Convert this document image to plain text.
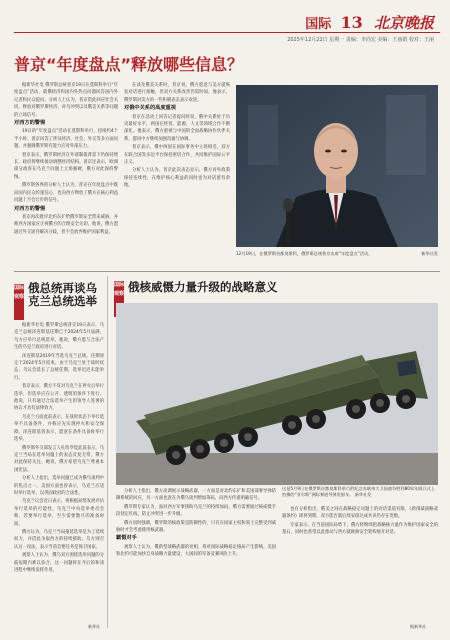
国际 13 北京晚报
2025年12月22日 星期一 责编：李尚宏 美编：王丽娟 校对：王丽
普京“年度盘点”释放哪些信息？

据新华社电 俄罗斯总统普京19日在莫斯科举行“年度盘点”活动，就俄经济和国内外热点问题回答国内外记者和民众提问。分析人士认为，普京借此回应社会关切，释放对俄罗斯经济、对乌冲突以及俄美关系等问题的立场信号。

对西方的警惕

19日的“年度盘点”活动在莫斯科举行，持续约4个半小时。普京回答了涉及经济、社会、外交等多方面问题，并强调俄罗斯有能力应对外部压力。

普京表示，俄罗斯经济在外部制裁背景下仍保持增长，政府将继续推动调整经济结构。普京还表示，欧洲部分政客在乌克兰问题上立场强硬，俄方对此保持警惕。

俄罗斯各界的分析人士认为，普京在年度盘点中既向国内民众传递信心，也向西方释放了俄方在核心利益问题上不会让步的信号。

对西方的警惕

普京再次批评北约东扩给俄罗斯安全带来威胁，并称西方国家应正视俄方的合理安全关切。他说，俄方愿通过外交途径解决分歧，但不会放弃维护国家利益。

在谈及俄美关系时，普京说，俄方愿意与美方就恢复对话进行接触，但双方关系改善仍需时间。他表示，俄罗斯对美方的一些积极表态表示欢迎。

对俄中关系的高度重视

普京在活动上回答记者提问时说，俄中关系处于历史最好水平，两国在经贸、能源、人文等领域合作不断深化。他表示，俄方重视与中国的全面战略协作伙伴关系，愿同中方继续加强沟通与协调。

普京表示，俄中两国在国际事务中立场相近，双方在联合国等多边平台保持密切合作，共同维护国际公平正义。

分析人士认为，普京此次表态显示，俄方对外政策保持连续性，在维护核心利益的同时也为对话留有余地。

12月19日，在俄罗斯首都莫斯科，俄罗斯总统普京出席“年度盘点”活动。	新华社发
国际观察
俄总统再谈乌克兰总统选举

据新华社电 俄罗斯总统普京19日表示，乌克兰总统泽连斯基任期已于2024年5月届满，乌方应举行总统选举。他说，俄方愿与合法产生的乌克兰政府进行对话。

泽连斯基2019年当选乌克兰总统，任期原定于2024年5月结束。由于乌克兰处于战时状态，乌议会延长了总统任期，选举迟迟未能举行。

普京表示，俄方不反对乌克兰在停火后举行选举，但选举应在公开、透明的条件下进行。他说，只有通过合法选举产生的领导人签署的协议才具有法律效力。

乌克兰方面此前表示，在战时状态下举行选举不具备条件，并称应先实现停火和安全保障。泽连斯基曾表示，愿意在条件具备时举行选举。

俄罗斯外交部发言人扎哈罗娃此前表示，乌克兰当局在选举问题上的表态反复无常，俄方对此保持关注。她说，俄方希望乌克兰尊重本国宪法。

分析人士指出，选举问题已成为俄乌谈判中的焦点之一。美国方面也曾表示，乌克兰应适时举行选举，以巩固政府的合法性。

乌克兰议会近日表示，将根据局势发展评估举行选举的可能性。乌克兰中央选举委员会称，若要举行选举，至少需要数月的准备时间。

俄方认为，乌克兰当局拖延选举是为了延续权力，并借此争取西方的持续援助。乌方则否认这一说法，表示当前首要任务是保卫国家。

观察人士认为，俄乌双方围绕选举问题的分歧短期内难以弥合，这一问题将在今后的和谈进程中继续发挥作用。

新华社
国际观察 俄核威慑力量升级的战略意义

分析人士指出，俄方高调展示战略武器，一方面是对北约东扩和美国部署导弹防御系统的回应，另一方面也意在为俄乌谈判增加筹码，向西方传递明确信号。

俄罗斯专家认为，面对西方军事援助乌克兰的持续加码，俄方需要通过核威慑手段划定红线，防止冲突进一步升级。

俄方同时强调，俄罗斯的核政策是防御性的，只有在国家主权和领土完整受到威胁时才会考虑使用核武器。

霸慑对手

观察人士认为，俄新型战略武器的亮相，将对国际战略稳定格局产生影响。美国和北约可能加快自身战略力量建设，大国间的军备竞赛风险上升。

这是5月9日在俄罗斯首都莫斯科举行的纪念苏联伟大卫国战争胜利80周年阅兵式上拍摄的“亚尔斯”洲际弹道导弹发射车。 新华社发

也有分析指出，俄美之间在战略稳定问题上的对话渠道有限，《新削减战略武器条约》即将到期，双方能否就后续安排达成共识仍存在变数。

专家表示，在当前国际局势下，俄方将继续把战略核力量作为维护国家安全的基石，同时也希望以此推动与西方就欧洲安全架构展开对话。

据新华社
